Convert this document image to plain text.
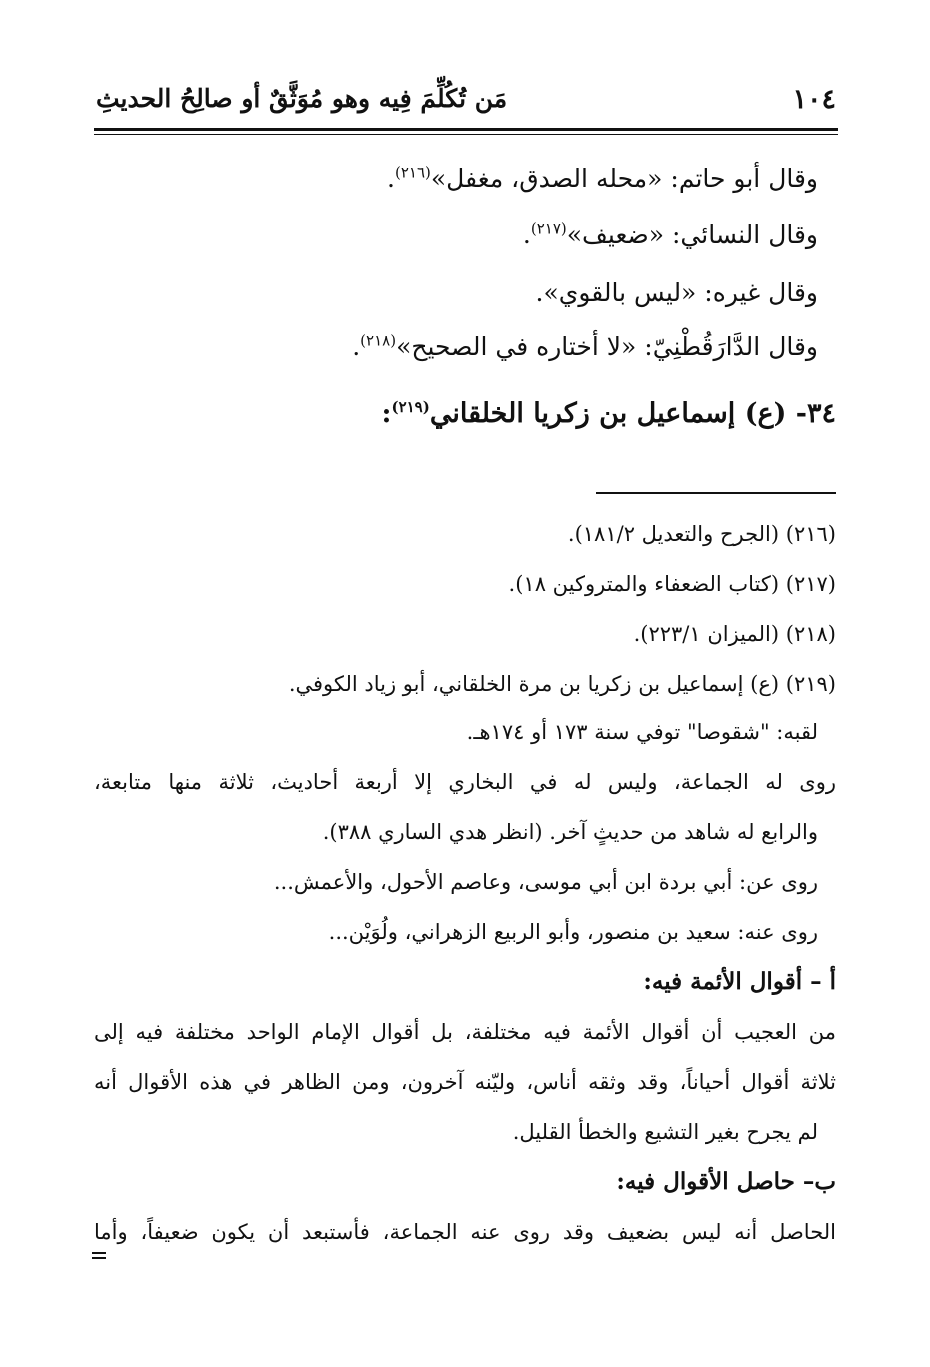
١٠٤
مَن تُكُلِّمَ فِيه وهو مُوَثَّقٌ أو صالِحُ الحديثِ
وقال أبو حاتم: «محله الصدق، مغفل»$^{(٢١٦)}$.
وقال النسائي: «ضعيف»$^{(٢١٧)}$.
وقال غيره: «ليس بالقوي».
وقال الدَّارَقُطْنِيّ: «لا أختاره في الصحيح»$^{(٢١٨)}$.
٣٤- (ع) إسماعيل بن زكريا الخلقاني$^{(٢١٩)}$:
(٢١٦) (الجرح والتعديل ١٨١/٢).
(٢١٧) (كتاب الضعفاء والمتروكين ١٨).
(٢١٨) (الميزان ٢٢٣/١).
(٢١٩) (ع) إسماعيل بن زكريا بن مرة الخلقاني، أبو زياد الكوفي.
لقبه: "شقوصا" توفي سنة ١٧٣ أو ١٧٤هـ.
روى له الجماعة، وليس له في البخاري إلا أربعة أحاديث، ثلاثة منها متابعة،
والرابع له شاهد من حديثٍ آخر. (انظر هدي الساري ٣٨٨).
روى عن: أبي بردة ابن أبي موسى، وعاصم الأحول، والأعمش...
روى عنه: سعيد بن منصور، وأبو الربيع الزهراني، ولُوَيْن...
أ – أقوال الأئمة فيه:
من العجيب أن أقوال الأئمة فيه مختلفة، بل أقوال الإمام الواحد مختلفة فيه إلى
ثلاثة أقوال أحياناً، وقد وثقه أناس، وليّنه آخرون، ومن الظاهر في هذه الأقوال أنه
لم يجرح بغير التشيع والخطأ القليل.
ب– حاصل الأقوال فيه:
الحاصل أنه ليس بضعيف وقد روى عنه الجماعة، فأستبعد أن يكون ضعيفاً، وأما
